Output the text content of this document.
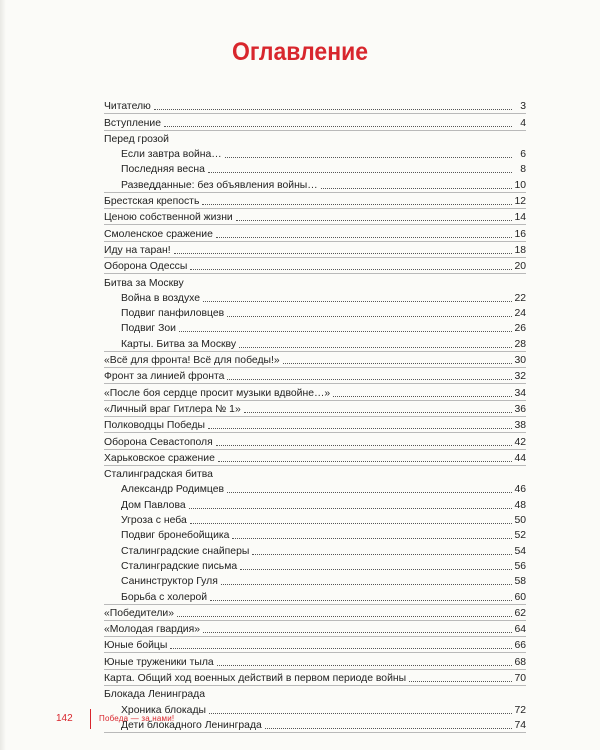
Оглавление
Читателю	3
Вступление	4
Перед грозой
Если завтра война…	6
Последняя весна	8
Разведданные: без объявления войны…	10
Брестская крепость	12
Ценою собственной жизни	14
Смоленское сражение	16
Иду на таран!	18
Оборона Одессы	20
Битва за Москву
Война в воздухе	22
Подвиг панфиловцев	24
Подвиг Зои	26
Карты. Битва за Москву	28
«Всё для фронта! Всё для победы!»	30
Фронт за линией фронта	32
«После боя сердце просит музыки вдвойне…»	34
«Личный враг Гитлера № 1»	36
Полководцы Победы	38
Оборона Севастополя	42
Харьковское сражение	44
Сталинградская битва
Александр Родимцев	46
Дом Павлова	48
Угроза с неба	50
Подвиг бронебойщика	52
Сталинградские снайперы	54
Сталинградские письма	56
Санинструктор Гуля	58
Борьба с холерой	60
«Победители»	62
«Молодая гвардия»	64
Юные бойцы	66
Юные труженики тыла	68
Карта. Общий ход военных действий в первом периоде войны	70
Блокада Ленинграда
Хроника блокады	72
Дети блокадного Ленинграда	74
142	Победа — за нами!
